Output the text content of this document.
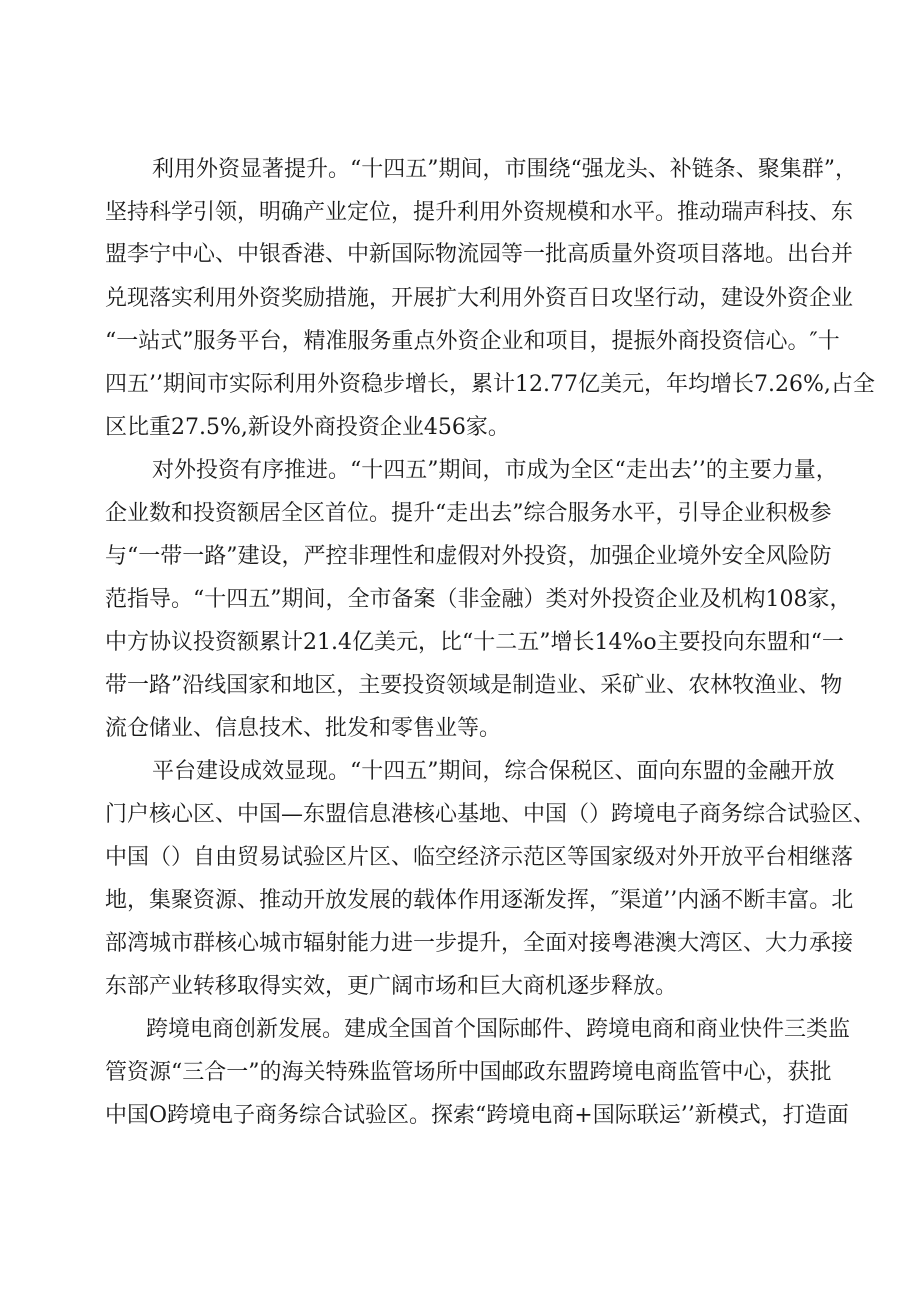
利用外资显著提升。“十四五”期间，市围绕“强龙头、补链条、聚集群”，
坚持科学引领，明确产业定位，提升利用外资规模和水平。推动瑞声科技、东
盟李宁中心、中银香港、中新国际物流园等一批高质量外资项目落地。出台并
兑现落实利用外资奖励措施，开展扩大利用外资百日攻坚行动，建设外资企业
“一站式”服务平台，精准服务重点外资企业和项目，提振外商投资信心。″十
四五’’期间市实际利用外资稳步增长，累计12.77亿美元，年均增长7.26%,占全
区比重27.5%,新设外商投资企业456家。
对外投资有序推进。“十四五”期间，市成为全区“走出去’’的主要力量，
企业数和投资额居全区首位。提升“走出去”综合服务水平，引导企业积极参
与“一带一路”建设，严控非理性和虚假对外投资，加强企业境外安全风险防
范指导。“十四五”期间，全市备案（非金融）类对外投资企业及机构108家，
中方协议投资额累计21.4亿美元，比“十二五”增长14%o主要投向东盟和“一
带一路”沿线国家和地区，主要投资领域是制造业、采矿业、农林牧渔业、物
流仓储业、信息技术、批发和零售业等。
平台建设成效显现。“十四五”期间，综合保税区、面向东盟的金融开放
门户核心区、中国—东盟信息港核心基地、中国（）跨境电子商务综合试验区、
中国（）自由贸易试验区片区、临空经济示范区等国家级对外开放平台相继落
地，集聚资源、推动开放发展的载体作用逐渐发挥，″渠道’’内涵不断丰富。北
部湾城市群核心城市辐射能力进一步提升，全面对接粤港澳大湾区、大力承接
东部产业转移取得实效，更广阔市场和巨大商机逐步释放。
跨境电商创新发展。建成全国首个国际邮件、跨境电商和商业快件三类监
管资源“三合一”的海关特殊监管场所中国邮政东盟跨境电商监管中心，获批
中国O跨境电子商务综合试验区。探索“跨境电商+国际联运’’新模式，打造面
